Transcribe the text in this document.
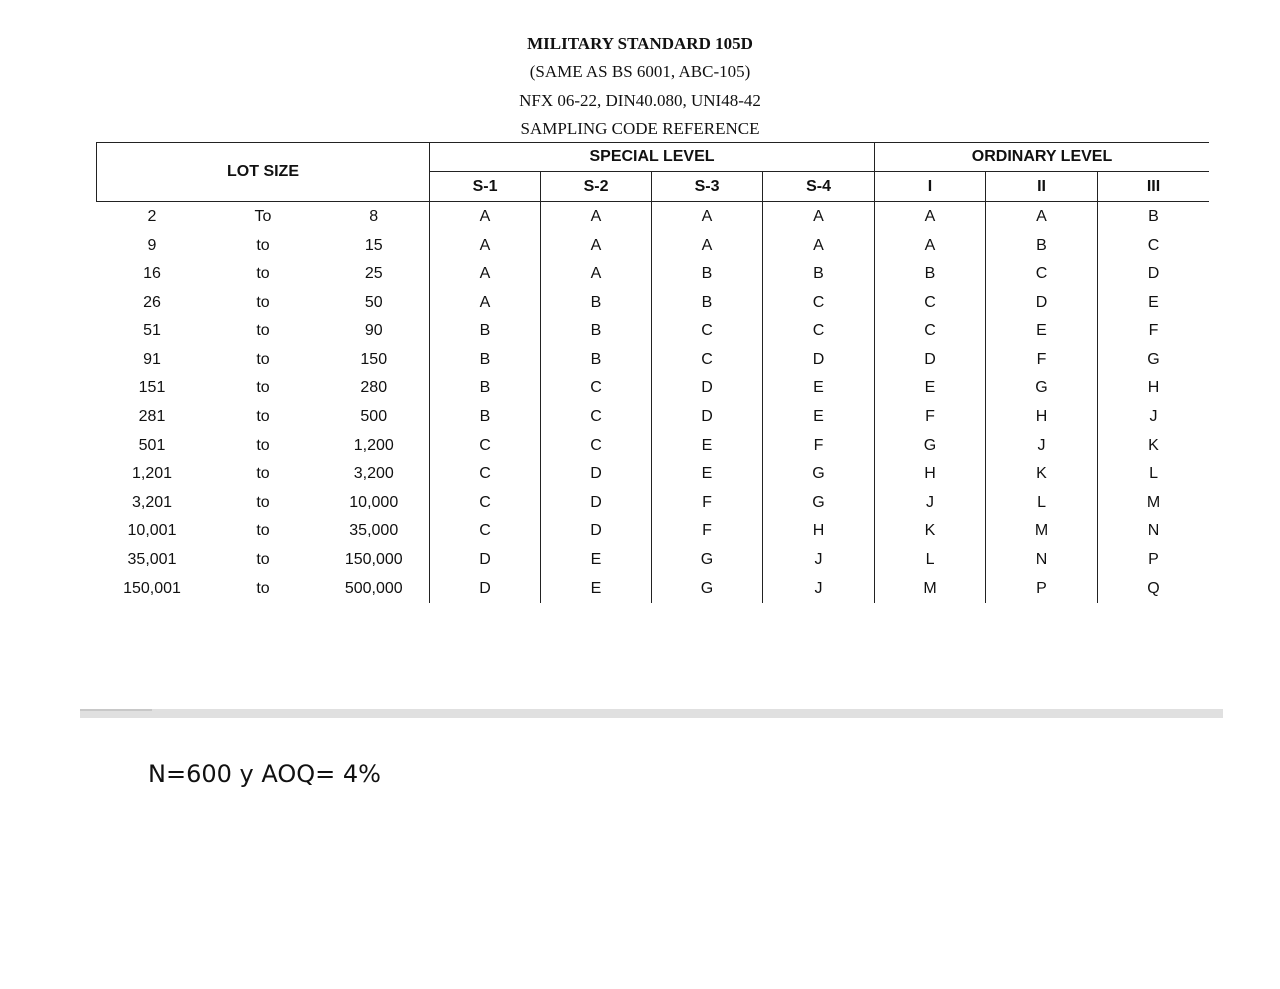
MILITARY STANDARD 105D
(SAME AS BS 6001, ABC-105)
NFX 06-22, DIN40.080, UNI48-42
SAMPLING CODE REFERENCE
LOT SIZE			SPECIAL LEVEL				ORDINARY LEVEL		
			S-1	S-2	S-3	S-4	I	II	III
2	To	8	A	A	A	A	A	A	B
9	to	15	A	A	A	A	A	B	C
16	to	25	A	A	B	B	B	C	D
26	to	50	A	B	B	C	C	D	E
51	to	90	B	B	C	C	C	E	F
91	to	150	B	B	C	D	D	F	G
151	to	280	B	C	D	E	E	G	H
281	to	500	B	C	D	E	F	H	J
501	to	1,200	C	C	E	F	G	J	K
1,201	to	3,200	C	D	E	G	H	K	L
3,201	to	10,000	C	D	F	G	J	L	M
10,001	to	35,000	C	D	F	H	K	M	N
35,001	to	150,000	D	E	G	J	L	N	P
150,001	to	500,000	D	E	G	J	M	P	Q
N=600 y AOQ= 4%
